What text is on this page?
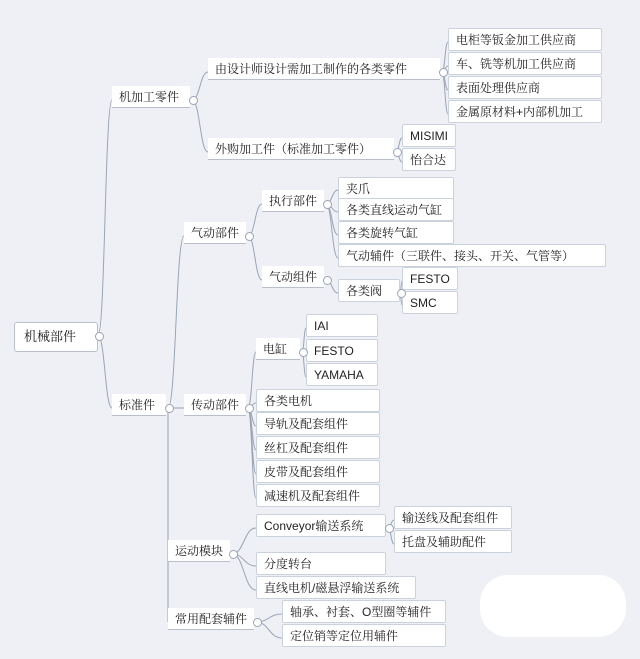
机械部件
机加工零件
由设计师设计需加工制作的各类零件
电柜等钣金加工供应商
车、铣等机加工供应商
表面处理供应商
金属原材料+内部机加工
外购加工件（标准加工零件）
MISIMI
怡合达
标准件
气动部件
执行部件
夹爪
各类直线运动气缸
各类旋转气缸
气动辅件（三联件、接头、开关、气管等）
气动组件
各类阀
FESTO
SMC
传动部件
电缸
IAI
FESTO
YAMAHA
各类电机
导轨及配套组件
丝杠及配套组件
皮带及配套组件
减速机及配套组件
运动模块
Conveyor输送系统
输送线及配套组件
托盘及辅助配件
分度转台
直线电机/磁悬浮输送系统
常用配套辅件	轴承、衬套、O型圈等辅件
定位销等定位用辅件
